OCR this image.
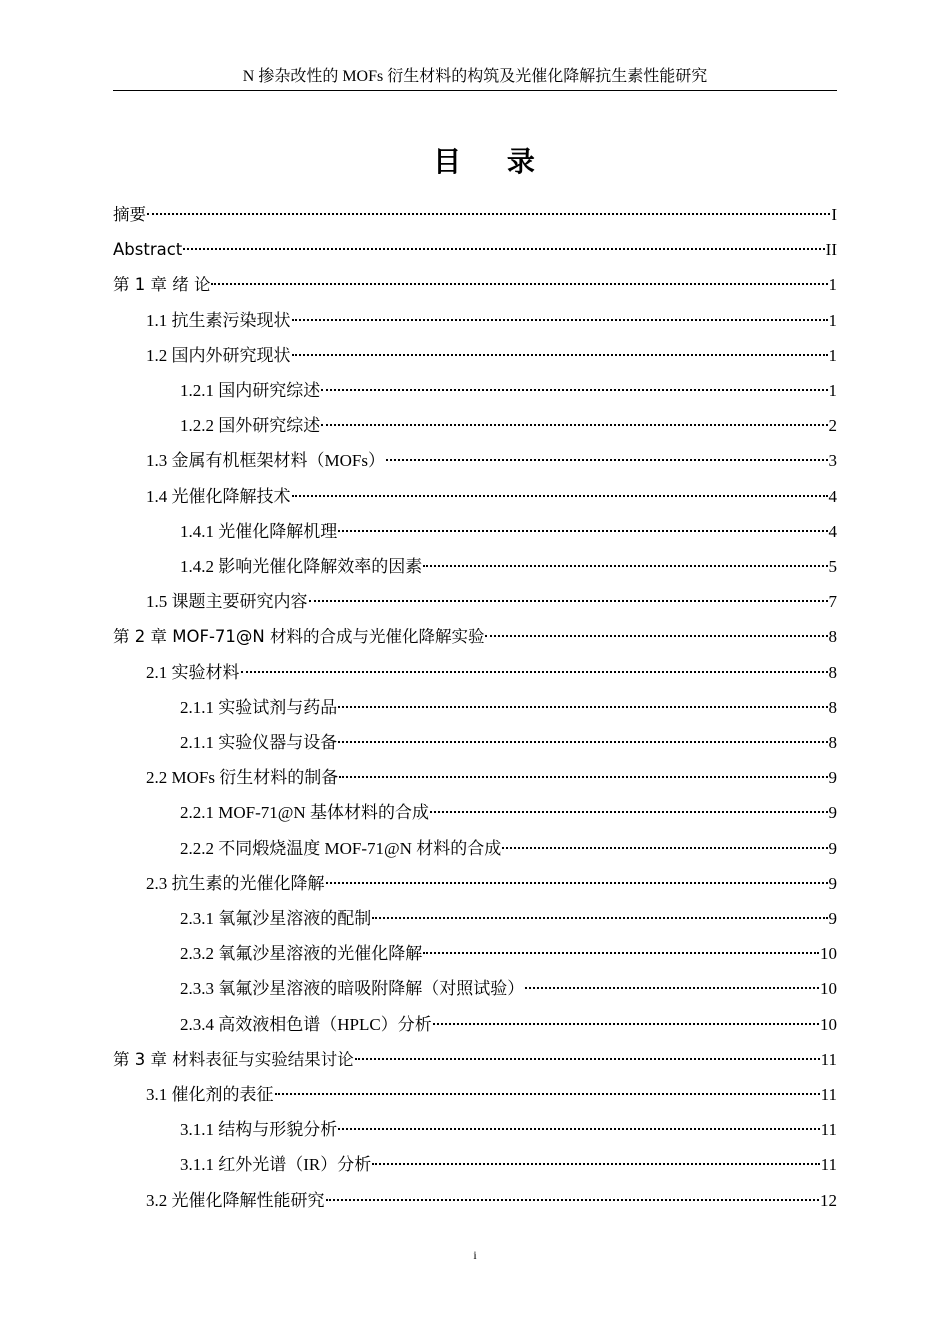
N 掺杂改性的 MOFs 衍生材料的构筑及光催化降解抗生素性能研究
目 录
摘要	I
Abstract	II
第 1 章 绪 论	1
1.1 抗生素污染现状	1
1.2 国内外研究现状	1
1.2.1 国内研究综述	1
1.2.2 国外研究综述	2
1.3 金属有机框架材料（MOFs）	3
1.4 光催化降解技术	4
1.4.1 光催化降解机理	4
1.4.2 影响光催化降解效率的因素	5
1.5 课题主要研究内容	7
第 2 章 MOF-71@N 材料的合成与光催化降解实验	8
2.1 实验材料	8
2.1.1 实验试剂与药品	8
2.1.1 实验仪器与设备	8
2.2 MOFs 衍生材料的制备	9
2.2.1 MOF-71@N 基体材料的合成	9
2.2.2 不同煅烧温度 MOF-71@N 材料的合成	9
2.3 抗生素的光催化降解	9
2.3.1 氧氟沙星溶液的配制	9
2.3.2 氧氟沙星溶液的光催化降解	10
2.3.3 氧氟沙星溶液的暗吸附降解（对照试验）	10
2.3.4 高效液相色谱（HPLC）分析	10
第 3 章 材料表征与实验结果讨论	11
3.1 催化剂的表征	11
3.1.1 结构与形貌分析	11
3.1.1 红外光谱（IR）分析	11
3.2 光催化降解性能研究	12
i
